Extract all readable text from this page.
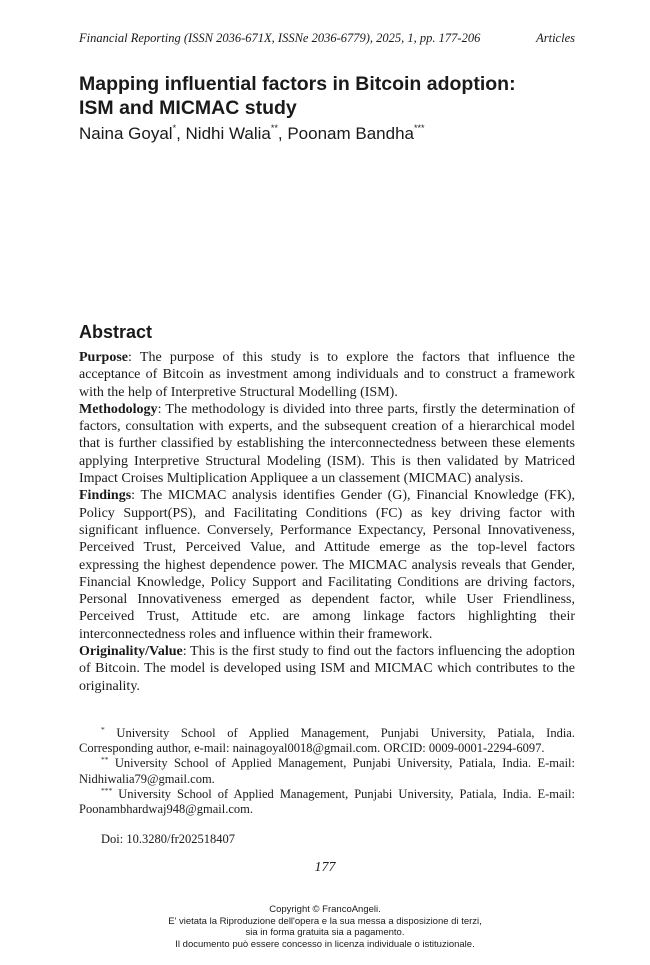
Financial Reporting (ISSN 2036-671X, ISSNe 2036-6779), 2025, 1, pp. 177-206	Articles
Mapping influential factors in Bitcoin adoption:
ISM and MICMAC study
Naina Goyal*, Nidhi Walia**, Poonam Bandha***
Abstract

Purpose: The purpose of this study is to explore the factors that influence the acceptance of Bitcoin as investment among individuals and to construct a framework with the help of Interpretive Structural Modelling (ISM).

Methodology: The methodology is divided into three parts, firstly the determination of factors, consultation with experts, and the subsequent creation of a hierarchical model that is further classified by establishing the interconnectedness between these elements applying Interpretive Structural Modeling (ISM). This is then validated by Matriced Impact Croises Multiplication Appliquee a un classement (MICMAC) analysis.

Findings: The MICMAC analysis identifies Gender (G), Financial Knowledge (FK), Policy Support(PS), and Facilitating Conditions (FC) as key driving factor with significant influence. Conversely, Performance Expectancy, Personal Innovativeness, Perceived Trust, Perceived Value, and Attitude emerge as the top-level factors expressing the highest dependence power. The MICMAC analysis reveals that Gender, Financial Knowledge, Policy Support and Facilitating Conditions are driving factors, Personal Innovativeness emerged as dependent factor, while User Friendliness, Perceived Trust, Attitude etc. are among linkage factors highlighting their interconnectedness roles and influence within their framework.

Originality/Value: This is the first study to find out the factors influencing the adoption of Bitcoin. The model is developed using ISM and MICMAC which contributes to the originality.

* University School of Applied Management, Punjabi University, Patiala, India. Corresponding author, e-mail: nainagoyal0018@gmail.com. ORCID: 0009-0001-2294-6097.

** University School of Applied Management, Punjabi University, Patiala, India. E-mail: Nidhiwalia79@gmail.com.

*** University School of Applied Management, Punjabi University, Patiala, India. E-mail: Poonambhardwaj948@gmail.com.

Doi: 10.3280/fr202518407
177
Copyright © FrancoAngeli.
E' vietata la Riproduzione dell'opera e la sua messa a disposizione di terzi,
sia in forma gratuita sia a pagamento.
Il documento può essere concesso in licenza individuale o istituzionale.
